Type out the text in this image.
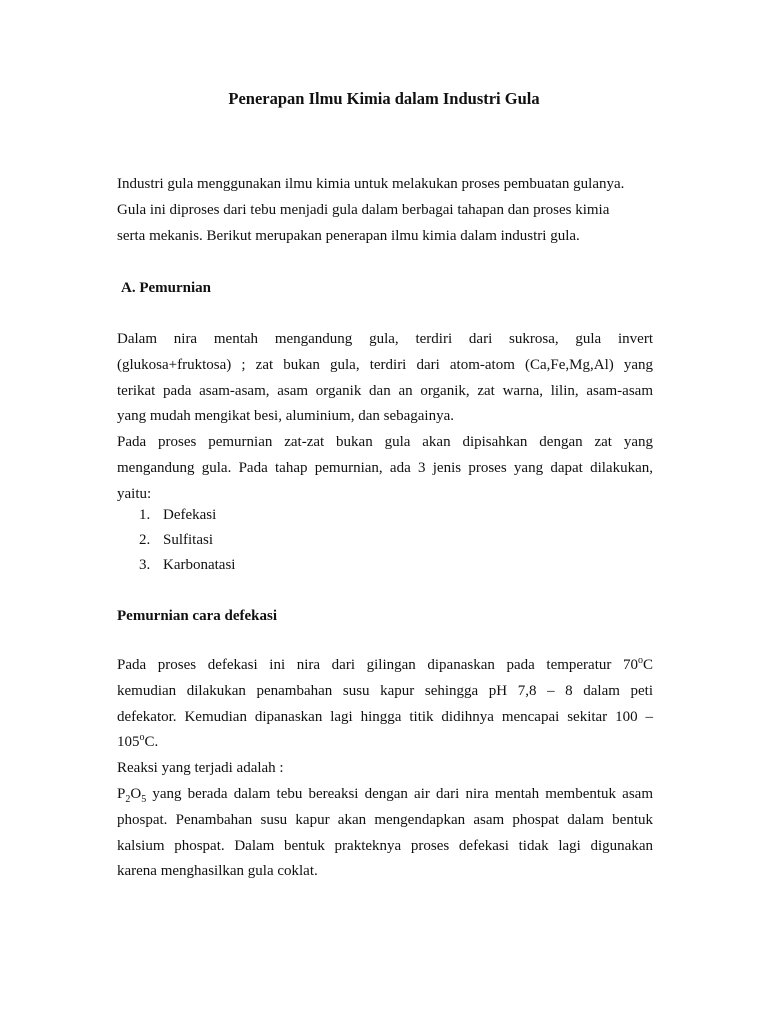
Penerapan Ilmu Kimia dalam Industri Gula
Industri gula menggunakan ilmu kimia untuk melakukan proses pembuatan gulanya.
Gula ini diproses dari tebu menjadi gula dalam berbagai tahapan dan proses kimia
serta mekanis. Berikut merupakan penerapan ilmu kimia dalam industri gula.
A. Pemurnian
Dalam nira mentah mengandung gula, terdiri dari sukrosa, gula invert
(glukosa+fruktosa) ; zat bukan gula, terdiri dari atom-atom (Ca,Fe,Mg,Al) yang
terikat pada asam-asam, asam organik dan an organik, zat warna, lilin, asam-asam
yang mudah mengikat besi, aluminium, dan sebagainya.
Pada proses pemurnian zat-zat bukan gula akan dipisahkan dengan zat yang
mengandung gula. Pada tahap pemurnian, ada 3 jenis proses yang dapat dilakukan,
yaitu:
1. Defekasi
2. Sulfitasi
3. Karbonatasi
Pemurnian cara defekasi
Pada proses defekasi ini nira dari gilingan dipanaskan pada temperatur 70$^o$C
kemudian dilakukan penambahan susu kapur sehingga pH 7,8 – 8 dalam peti
defekator. Kemudian dipanaskan lagi hingga titik didihnya mencapai sekitar 100 –
105$^o$C.
Reaksi yang terjadi adalah :
$P_2O_5$ yang berada dalam tebu bereaksi dengan air dari nira mentah membentuk asam
phospat. Penambahan susu kapur akan mengendapkan asam phospat dalam bentuk
kalsium phospat. Dalam bentuk prakteknya proses defekasi tidak lagi digunakan
karena menghasilkan gula coklat.
